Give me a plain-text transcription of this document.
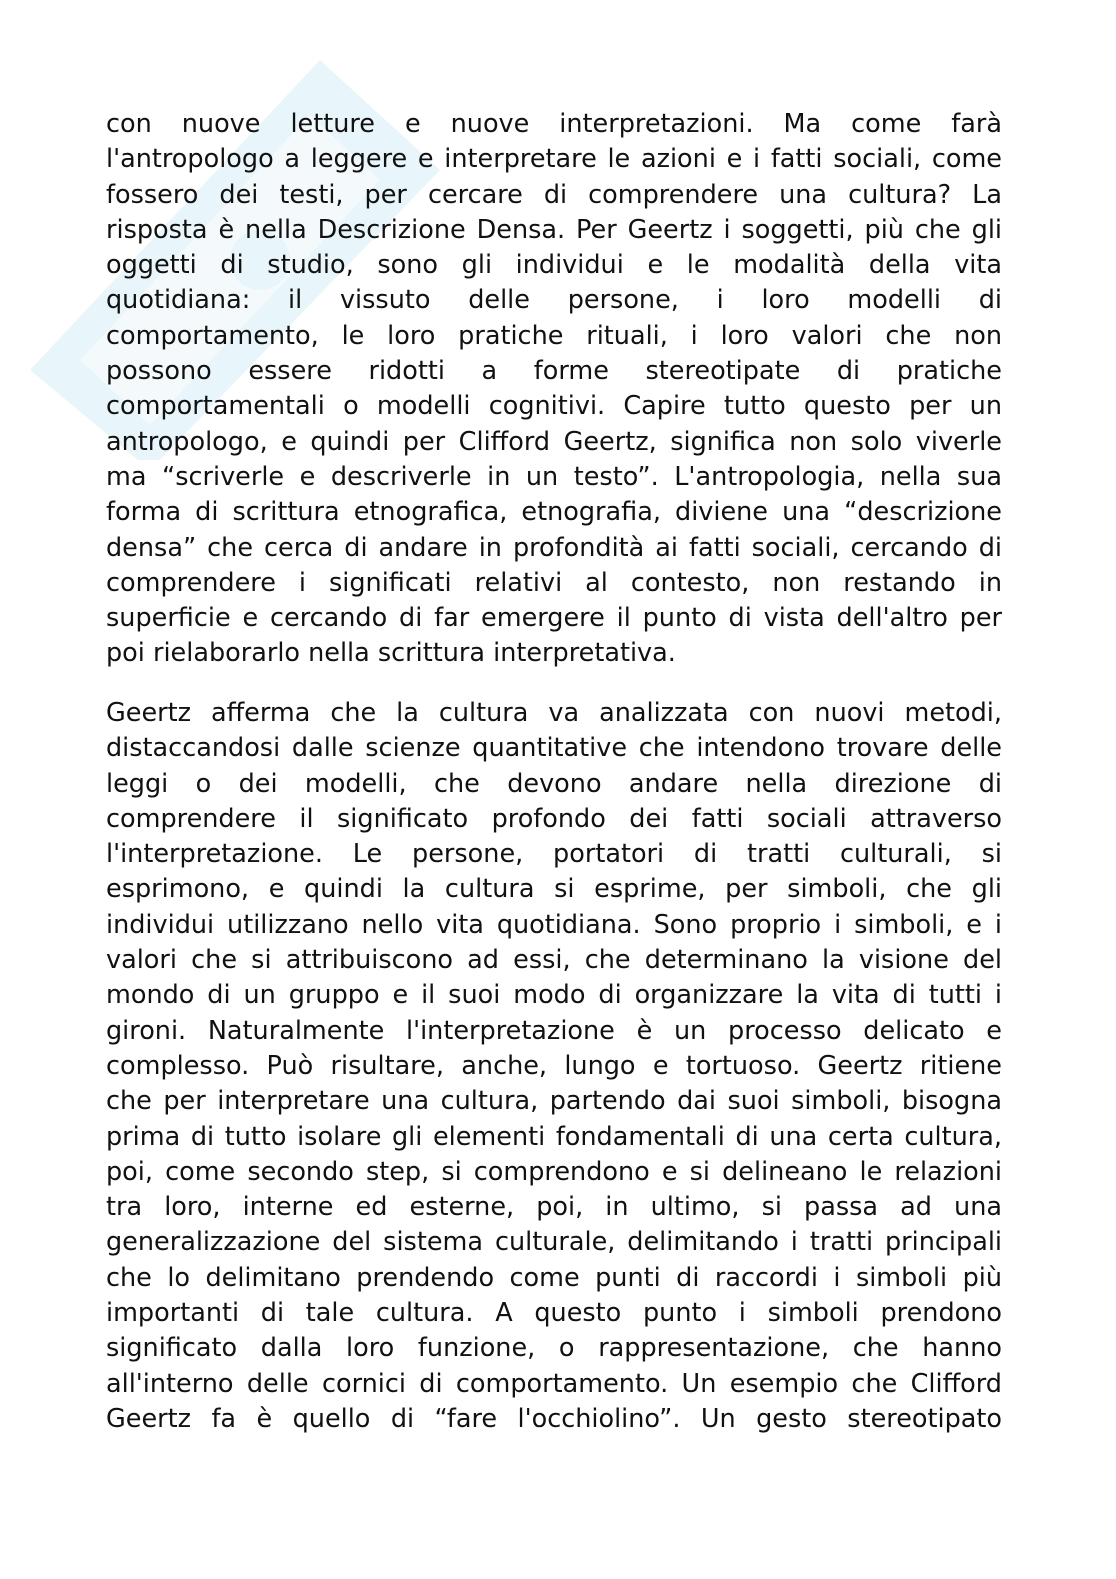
con nuove letture e nuove interpretazioni. Ma come farà
l'antropologo a leggere e interpretare le azioni e i fatti sociali, come
fossero dei testi, per cercare di comprendere una cultura? La
risposta è nella Descrizione Densa. Per Geertz i soggetti, più che gli
oggetti di studio, sono gli individui e le modalità della vita
quotidiana: il vissuto delle persone, i loro modelli di
comportamento, le loro pratiche rituali, i loro valori che non
possono essere ridotti a forme stereotipate di pratiche
comportamentali o modelli cognitivi. Capire tutto questo per un
antropologo, e quindi per Clifford Geertz, significa non solo viverle
ma “scriverle e descriverle in un testo”. L'antropologia, nella sua
forma di scrittura etnografica, etnografia, diviene una “descrizione
densa” che cerca di andare in profondità ai fatti sociali, cercando di
comprendere i significati relativi al contesto, non restando in
superficie e cercando di far emergere il punto di vista dell'altro per
poi rielaborarlo nella scrittura interpretativa.
Geertz afferma che la cultura va analizzata con nuovi metodi,
distaccandosi dalle scienze quantitative che intendono trovare delle
leggi o dei modelli, che devono andare nella direzione di
comprendere il significato profondo dei fatti sociali attraverso
l'interpretazione. Le persone, portatori di tratti culturali, si
esprimono, e quindi la cultura si esprime, per simboli, che gli
individui utilizzano nello vita quotidiana. Sono proprio i simboli, e i
valori che si attribuiscono ad essi, che determinano la visione del
mondo di un gruppo e il suoi modo di organizzare la vita di tutti i
gironi. Naturalmente l'interpretazione è un processo delicato e
complesso. Può risultare, anche, lungo e tortuoso. Geertz ritiene
che per interpretare una cultura, partendo dai suoi simboli, bisogna
prima di tutto isolare gli elementi fondamentali di una certa cultura,
poi, come secondo step, si comprendono e si delineano le relazioni
tra loro, interne ed esterne, poi, in ultimo, si passa ad una
generalizzazione del sistema culturale, delimitando i tratti principali
che lo delimitano prendendo come punti di raccordi i simboli più
importanti di tale cultura. A questo punto i simboli prendono
significato dalla loro funzione, o rappresentazione, che hanno
all'interno delle cornici di comportamento. Un esempio che Clifford
Geertz fa è quello di “fare l'occhiolino”. Un gesto stereotipato
